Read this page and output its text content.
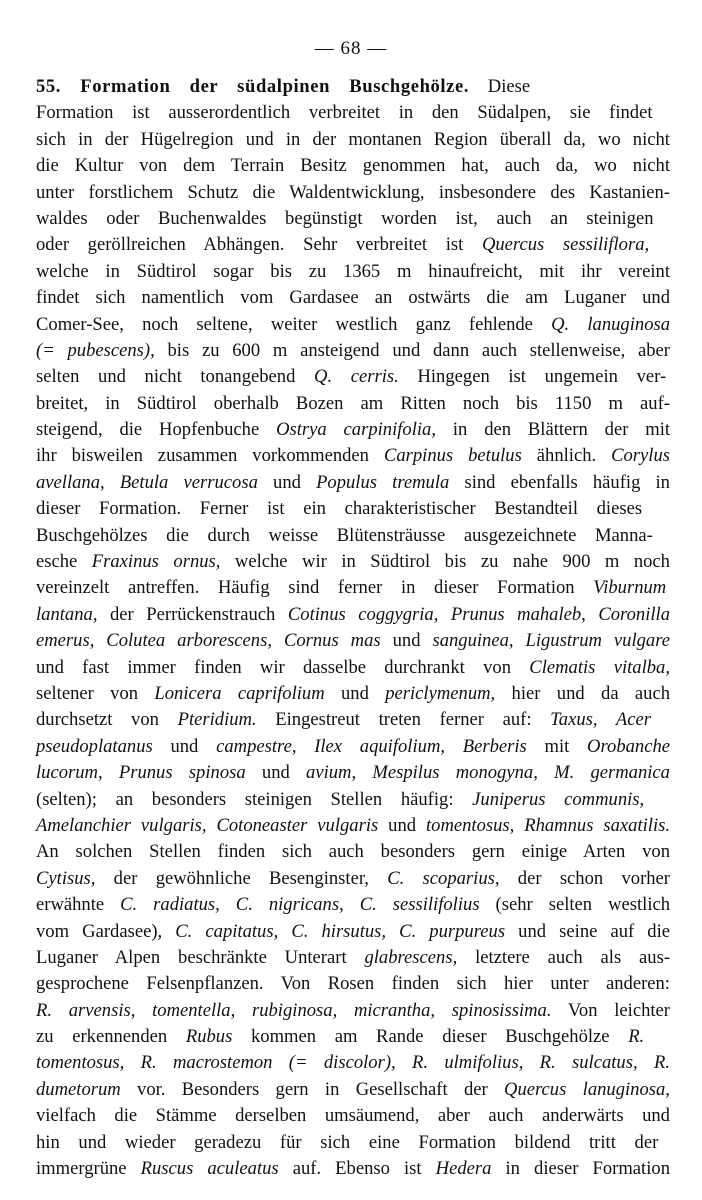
— 68 —
55. Formation der südalpinen Buschgehölze. Diese
Formation ist ausserordentlich verbreitet in den Südalpen, sie findet
sich in der Hügelregion und in der montanen Region überall da, wo nicht
die Kultur von dem Terrain Besitz genommen hat, auch da, wo nicht
unter forstlichem Schutz die Waldentwicklung, insbesondere des Kastanien-
waldes oder Buchenwaldes begünstigt worden ist, auch an steinigen
oder geröllreichen Abhängen. Sehr verbreitet ist Quercus sessiliflora,
welche in Südtirol sogar bis zu 1365 m hinaufreicht, mit ihr vereint
findet sich namentlich vom Gardasee an ostwärts die am Luganer und
Comer-See, noch seltene, weiter westlich ganz fehlende Q. lanuginosa
(= pubescens), bis zu 600 m ansteigend und dann auch stellenweise, aber
selten und nicht tonangebend Q. cerris. Hingegen ist ungemein ver-
breitet, in Südtirol oberhalb Bozen am Ritten noch bis 1150 m auf-
steigend, die Hopfenbuche Ostrya carpinifolia, in den Blättern der mit
ihr bisweilen zusammen vorkommenden Carpinus betulus ähnlich. Corylus
avellana, Betula verrucosa und Populus tremula sind ebenfalls häufig in
dieser Formation. Ferner ist ein charakteristischer Bestandteil dieses
Buschgehölzes die durch weisse Blütensträusse ausgezeichnete Manna-
esche Fraxinus ornus, welche wir in Südtirol bis zu nahe 900 m noch
vereinzelt antreffen. Häufig sind ferner in dieser Formation Viburnum
lantana, der Perrückenstrauch Cotinus coggygria, Prunus mahaleb, Coronilla
emerus, Colutea arborescens, Cornus mas und sanguinea, Ligustrum vulgare
und fast immer finden wir dasselbe durchrankt von Clematis vitalba,
seltener von Lonicera caprifolium und periclymenum, hier und da auch
durchsetzt von Pteridium. Eingestreut treten ferner auf: Taxus, Acer
pseudoplatanus und campestre, Ilex aquifolium, Berberis mit Orobanche
lucorum, Prunus spinosa und avium, Mespilus monogyna, M. germanica
(selten); an besonders steinigen Stellen häufig: Juniperus communis,
Amelanchier vulgaris, Cotoneaster vulgaris und tomentosus, Rhamnus saxatilis.
An solchen Stellen finden sich auch besonders gern einige Arten von
Cytisus, der gewöhnliche Besenginster, C. scoparius, der schon vorher
erwähnte C. radiatus, C. nigricans, C. sessilifolius (sehr selten westlich
vom Gardasee), C. capitatus, C. hirsutus, C. purpureus und seine auf die
Luganer Alpen beschränkte Unterart glabrescens, letztere auch als aus-
gesprochene Felsenpflanzen. Von Rosen finden sich hier unter anderen:
R. arvensis, tomentella, rubiginosa, micrantha, spinosissima. Von leichter
zu erkennenden Rubus kommen am Rande dieser Buschgehölze R.
tomentosus, R. macrostemon (= discolor), R. ulmifolius, R. sulcatus, R.
dumetorum vor. Besonders gern in Gesellschaft der Quercus lanuginosa,
vielfach die Stämme derselben umsäumend, aber auch anderwärts und
hin und wieder geradezu für sich eine Formation bildend tritt der
immergrüne Ruscus aculeatus auf. Ebenso ist Hedera in dieser Formation
